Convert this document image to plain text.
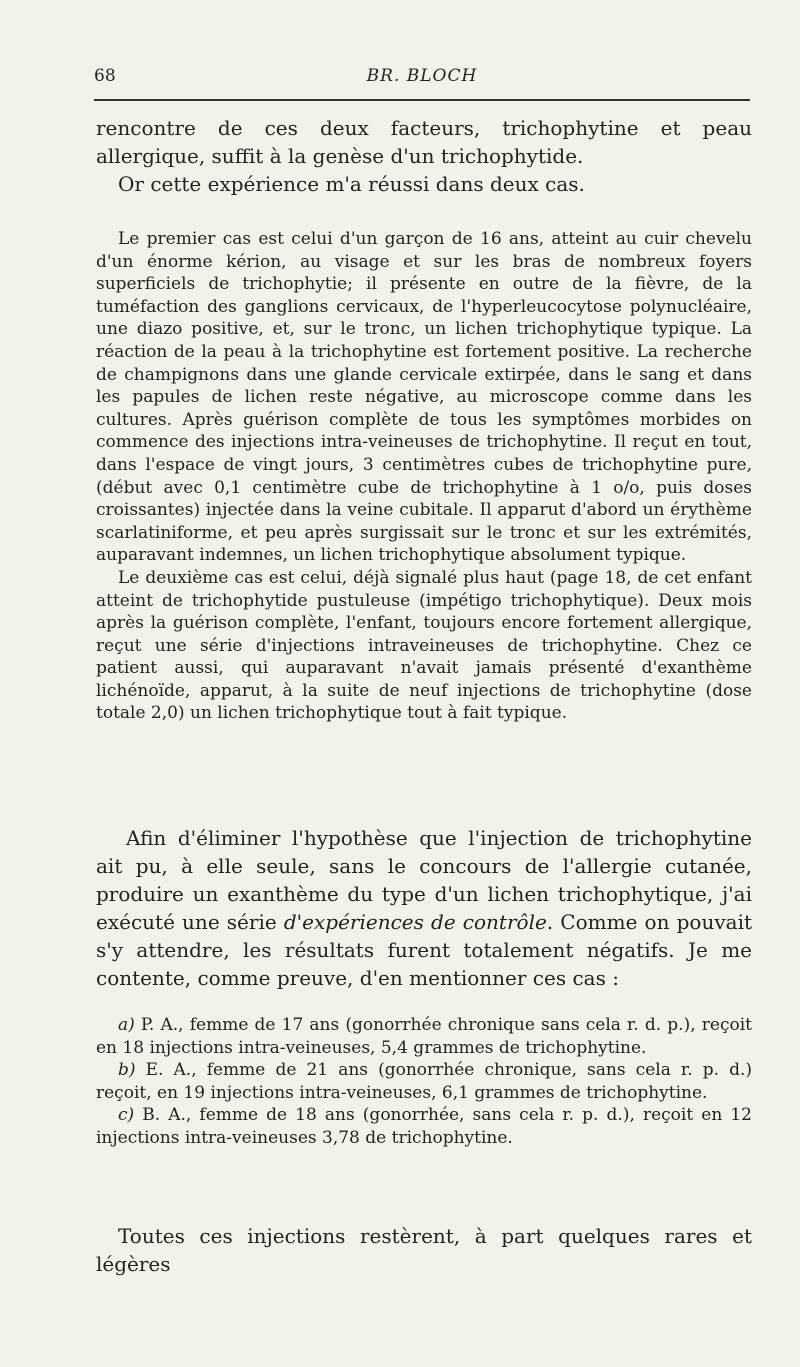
68	BR. BLOCH

rencontre de ces deux facteurs, trichophytine et peau allergique, suffit à la genèse d'un trichophytide.

Or cette expérience m'a réussi dans deux cas.

Le premier cas est celui d'un garçon de 16 ans, atteint au cuir chevelu d'un énorme kérion, au visage et sur les bras de nombreux foyers superficiels de trichophytie; il présente en outre de la fièvre, de la tuméfaction des ganglions cervicaux, de l'hyperleucocytose polynucléaire, une diazo positive, et, sur le tronc, un lichen trichophytique typique. La réaction de la peau à la trichophytine est fortement positive. La recherche de champignons dans une glande cervicale extirpée, dans le sang et dans les papules de lichen reste négative, au microscope comme dans les cultures. Après guérison complète de tous les symptômes morbides on commence des injections intra-veineuses de trichophytine. Il reçut en tout, dans l'espace de vingt jours, 3 centimètres cubes de trichophytine pure, (début avec 0,1 centimètre cube de trichophytine à 1 o/o, puis doses croissantes) injectée dans la veine cubitale. Il apparut d'abord un érythème scarlatiniforme, et peu après surgissait sur le tronc et sur les extrémités, auparavant indemnes, un lichen trichophytique absolument typique.

Le deuxième cas est celui, déjà signalé plus haut (page 18, de cet enfant atteint de trichophytide pustuleuse (impétigo trichophytique). Deux mois après la guérison complète, l'enfant, toujours encore fortement allergique, reçut une série d'injections intraveineuses de trichophytine. Chez ce patient aussi, qui auparavant n'avait jamais présenté d'exanthème lichénoïde, apparut, à la suite de neuf injections de trichophytine (dose totale 2,0) un lichen trichophytique tout à fait typique.

Afin d'éliminer l'hypothèse que l'injection de trichophytine ait pu, à elle seule, sans le concours de l'allergie cutanée, produire un exanthème du type d'un lichen trichophytique, j'ai exécuté une série d'expériences de contrôle. Comme on pouvait s'y attendre, les résultats furent totalement négatifs. Je me contente, comme preuve, d'en mentionner ces cas :

a) P. A., femme de 17 ans (gonorrhée chronique sans cela r. d. p.), reçoit en 18 injections intra-veineuses, 5,4 grammes de trichophytine.

b) E. A., femme de 21 ans (gonorrhée chronique, sans cela r. p. d.) reçoit, en 19 injections intra-veineuses, 6,1 grammes de trichophytine.

c) B. A., femme de 18 ans (gonorrhée, sans cela r. p. d.), reçoit en 12 injections intra-veineuses 3,78 de trichophytine.

Toutes ces injections restèrent, à part quelques rares et légères
